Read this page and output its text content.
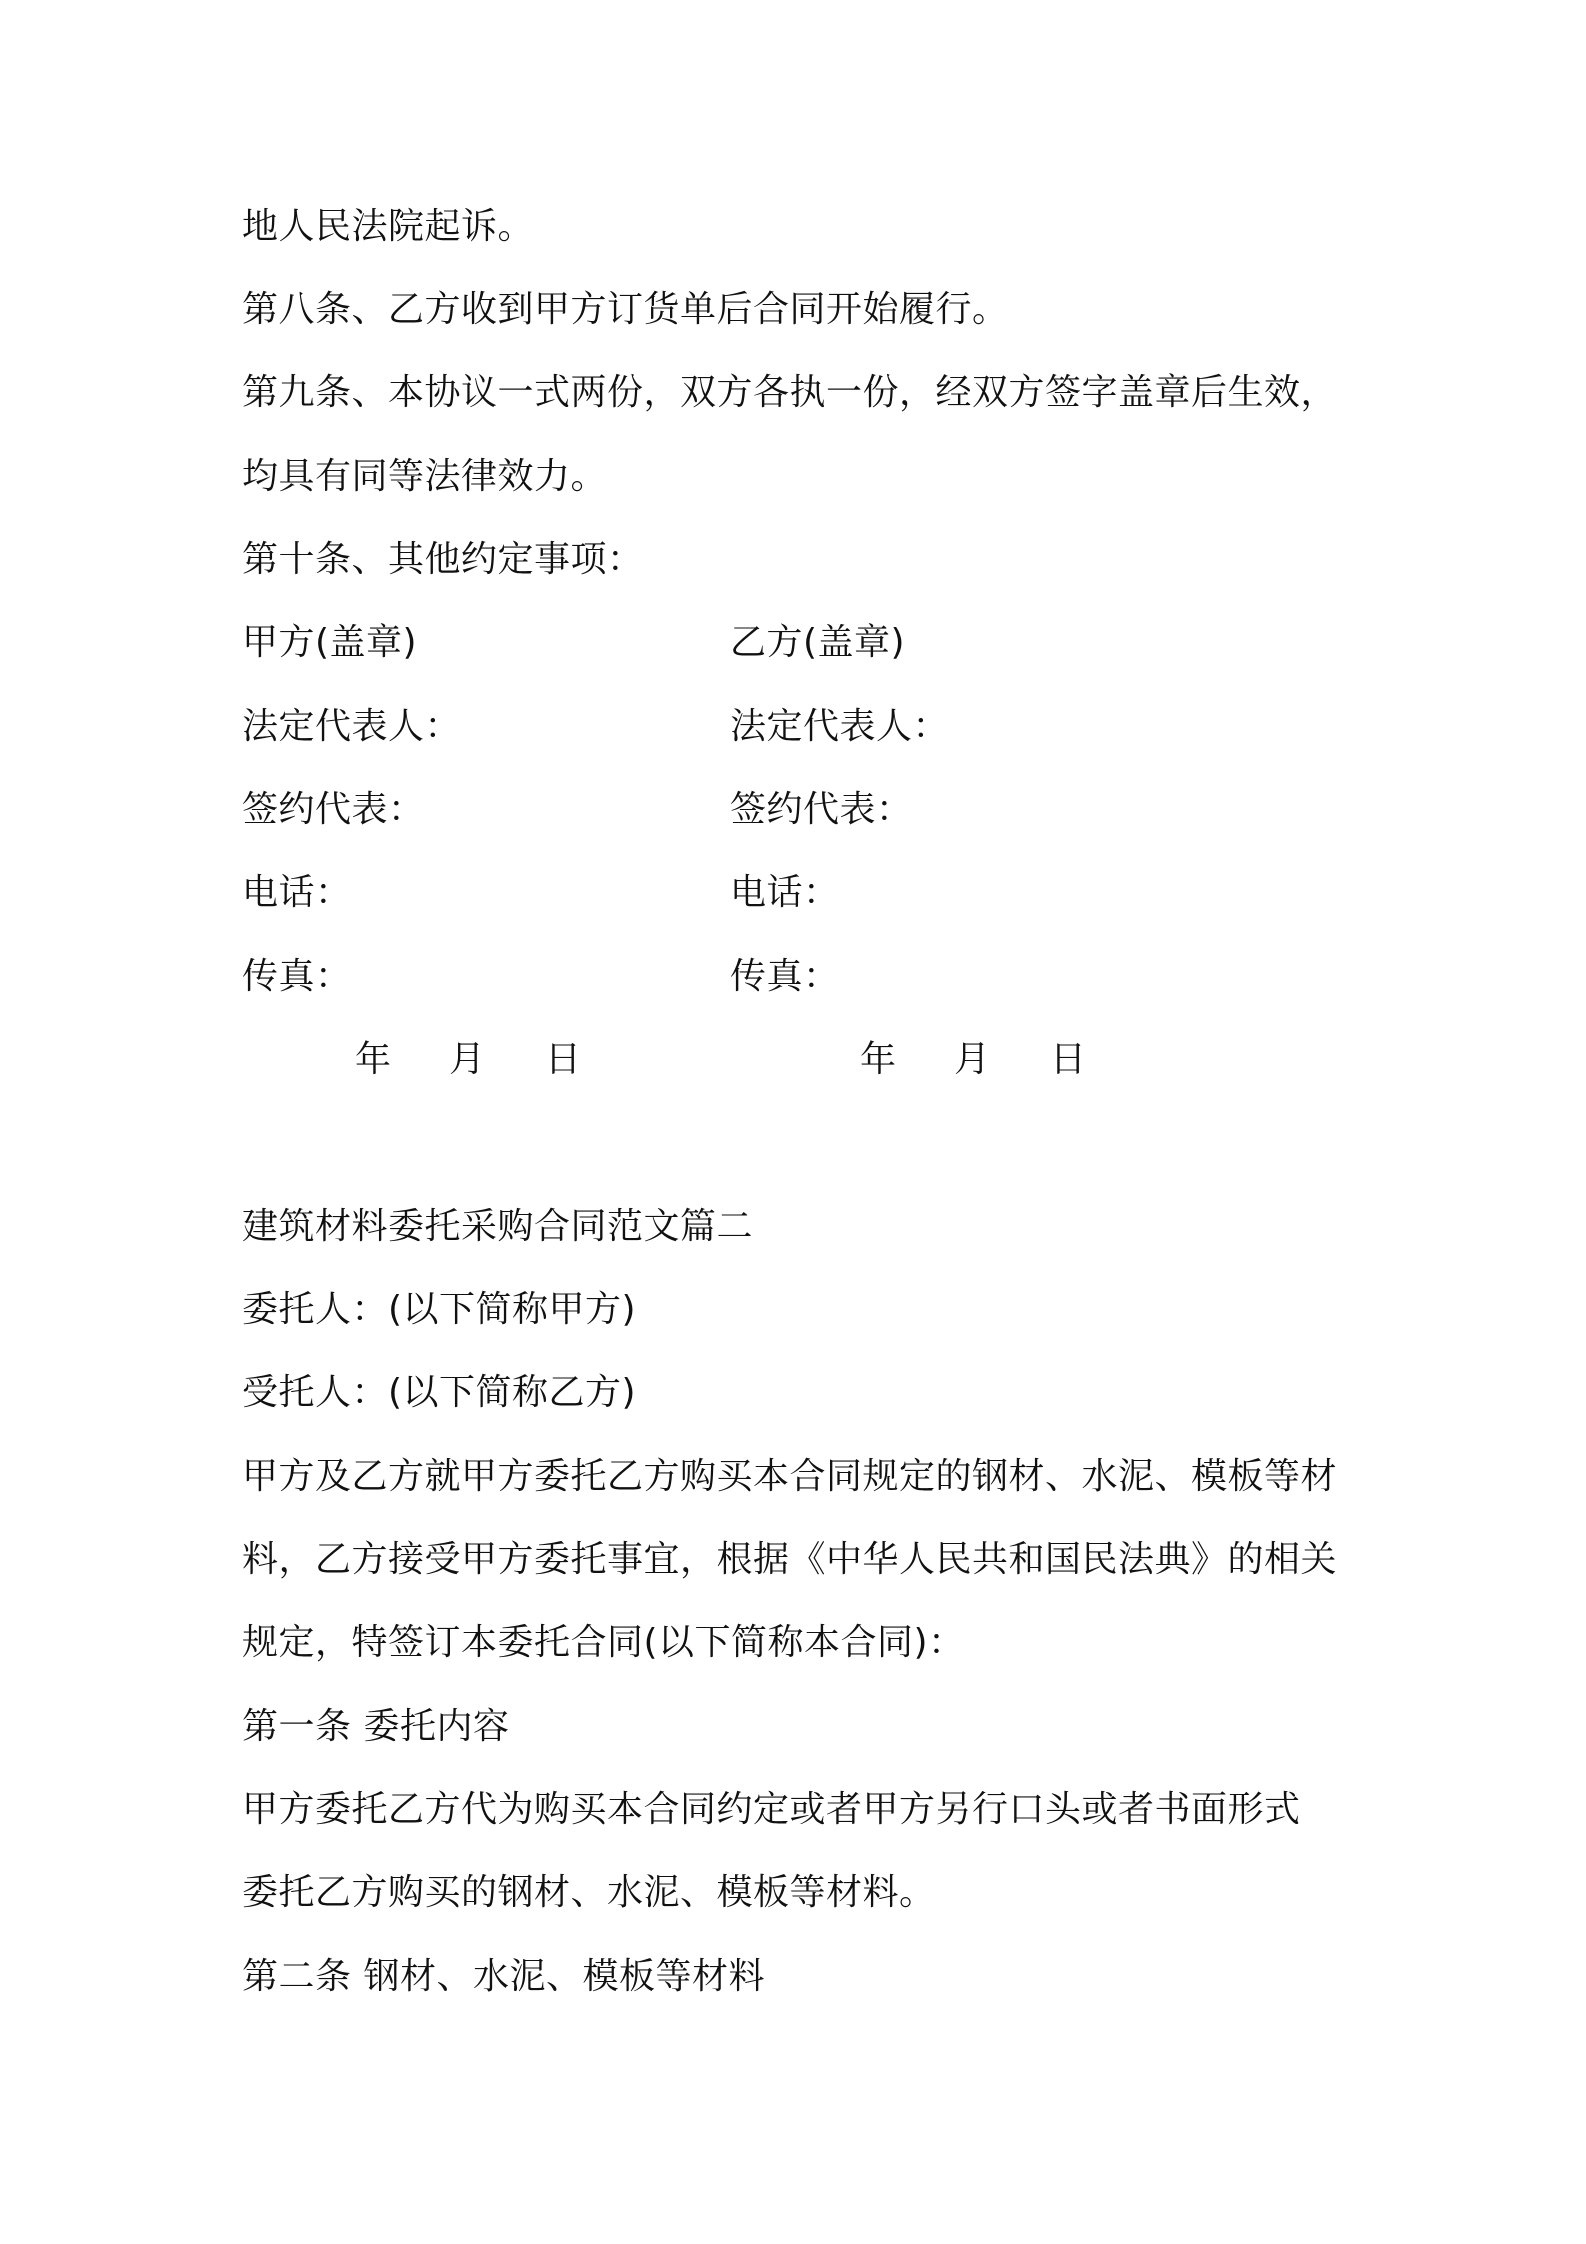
地人民法院起诉。
第八条、乙方收到甲方订货单后合同开始履行。
第九条、本协议一式两份，双方各执一份，经双方签字盖章后生效，
均具有同等法律效力。
第十条、其他约定事项：
甲方(盖章)	乙方(盖章)
法定代表人：	法定代表人：
签约代表：	签约代表：
电话：	电话：
传真：	传真：
年 月 日	年 月 日
建筑材料委托采购合同范文篇二
委托人：(以下简称甲方)
受托人：(以下简称乙方)
甲方及乙方就甲方委托乙方购买本合同规定的钢材、水泥、模板等材
料，乙方接受甲方委托事宜，根据《中华人民共和国民法典》的相关
规定，特签订本委托合同(以下简称本合同)：
第一条 委托内容
甲方委托乙方代为购买本合同约定或者甲方另行口头或者书面形式
委托乙方购买的钢材、水泥、模板等材料。
第二条 钢材、水泥、模板等材料
